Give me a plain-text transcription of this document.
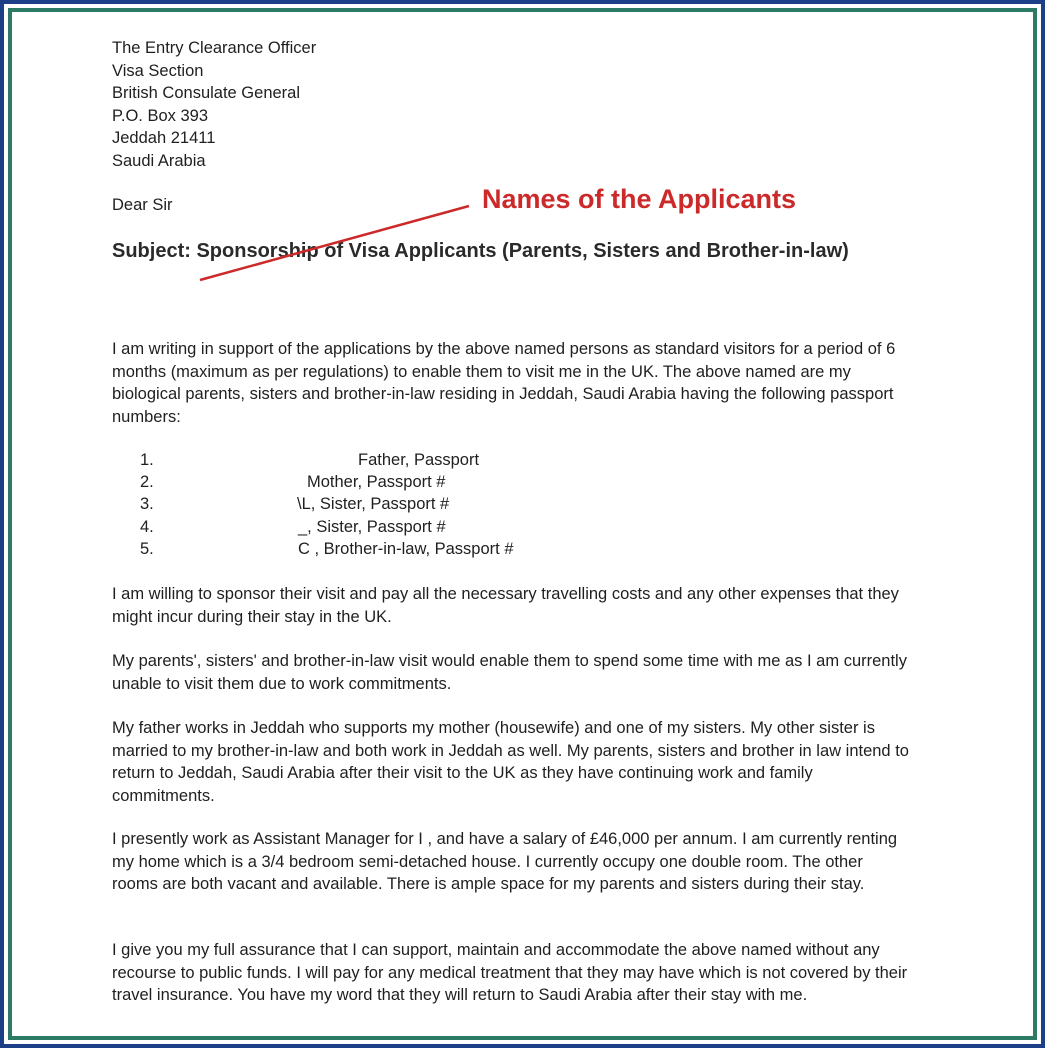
The Entry Clearance Officer
Visa Section
British Consulate General
P.O. Box 393
Jeddah 21411
Saudi Arabia
Dear Sir
Subject: Sponsorship of Visa Applicants (Parents, Sisters and Brother-in-law)
Names of the Applicants

I am writing in support of the applications by the above named persons as standard visitors for a period of 6 months (maximum as per regulations) to enable them to visit me in the UK. The above named are my biological parents, sisters and brother-in-law residing in Jeddah, Saudi Arabia having the following passport numbers:

1.	Father, Passport
2.	Mother, Passport #
3.	\L, Sister, Passport #
4.	_, Sister, Passport #
5.	C , Brother-in-law, Passport #

I am willing to sponsor their visit and pay all the necessary travelling costs and any other expenses that they might incur during their stay in the UK.

My parents', sisters' and brother-in-law visit would enable them to spend some time with me as I am currently unable to visit them due to work commitments.

My father works in Jeddah who supports my mother (housewife) and one of my sisters. My other sister is married to my brother-in-law and both work in Jeddah as well. My parents, sisters and brother in law intend to return to Jeddah, Saudi Arabia after their visit to the UK as they have continuing work and family commitments.

I presently work as Assistant Manager for I , and have a salary of £46,000 per annum. I am currently renting my home which is a 3/4 bedroom semi-detached house. I currently occupy one double room. The other rooms are both vacant and available. There is ample space for my parents and sisters during their stay.

I give you my full assurance that I can support, maintain and accommodate the above named without any recourse to public funds. I will pay for any medical treatment that they may have which is not covered by their travel insurance. You have my word that they will return to Saudi Arabia after their stay with me.
